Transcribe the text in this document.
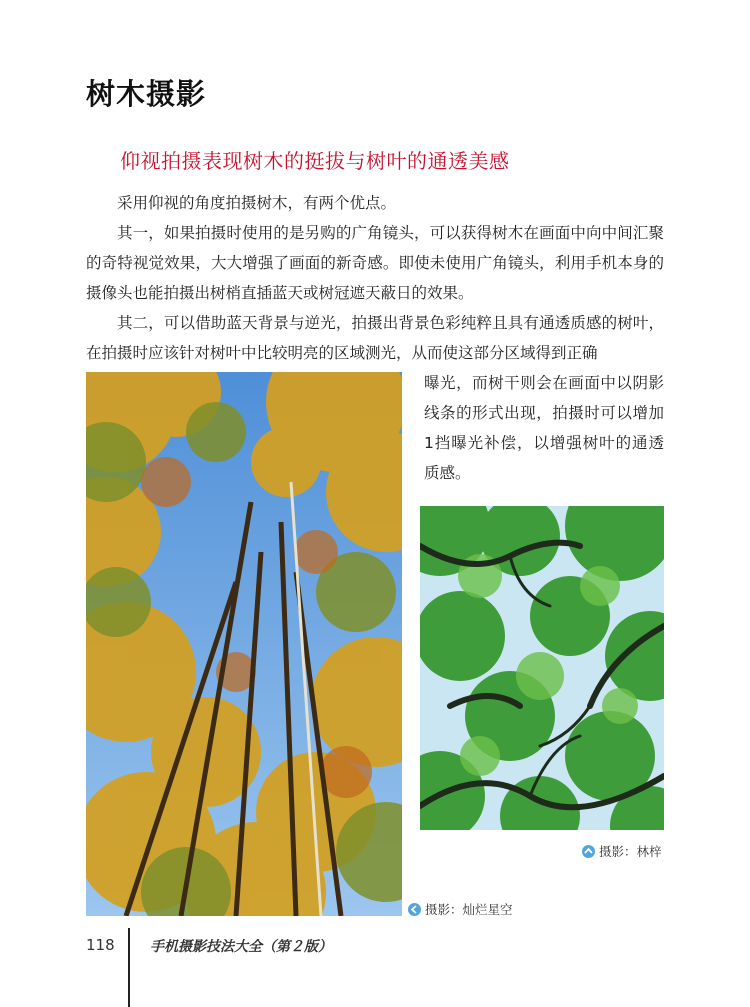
树木摄影
仰视拍摄表现树木的挺拔与树叶的通透美感

采用仰视的角度拍摄树木，有两个优点。

其一，如果拍摄时使用的是另购的广角镜头，可以获得树木在画面中向中间汇聚的奇特视觉效果，大大增强了画面的新奇感。即使未使用广角镜头，利用手机本身的摄像头也能拍摄出树梢直插蓝天或树冠遮天蔽日的效果。

其二，可以借助蓝天背景与逆光，拍摄出背景色彩纯粹且具有通透质感的树叶，在拍摄时应该针对树叶中比较明亮的区域测光，从而使这部分区域得到正确

曝光，而树干则会在画面中以阴影线条的形式出现，拍摄时可以增加1挡曝光补偿，以增强树叶的通透质感。

摄影：灿烂星空
摄影：林梓
118	手机摄影技法大全（第２版）
